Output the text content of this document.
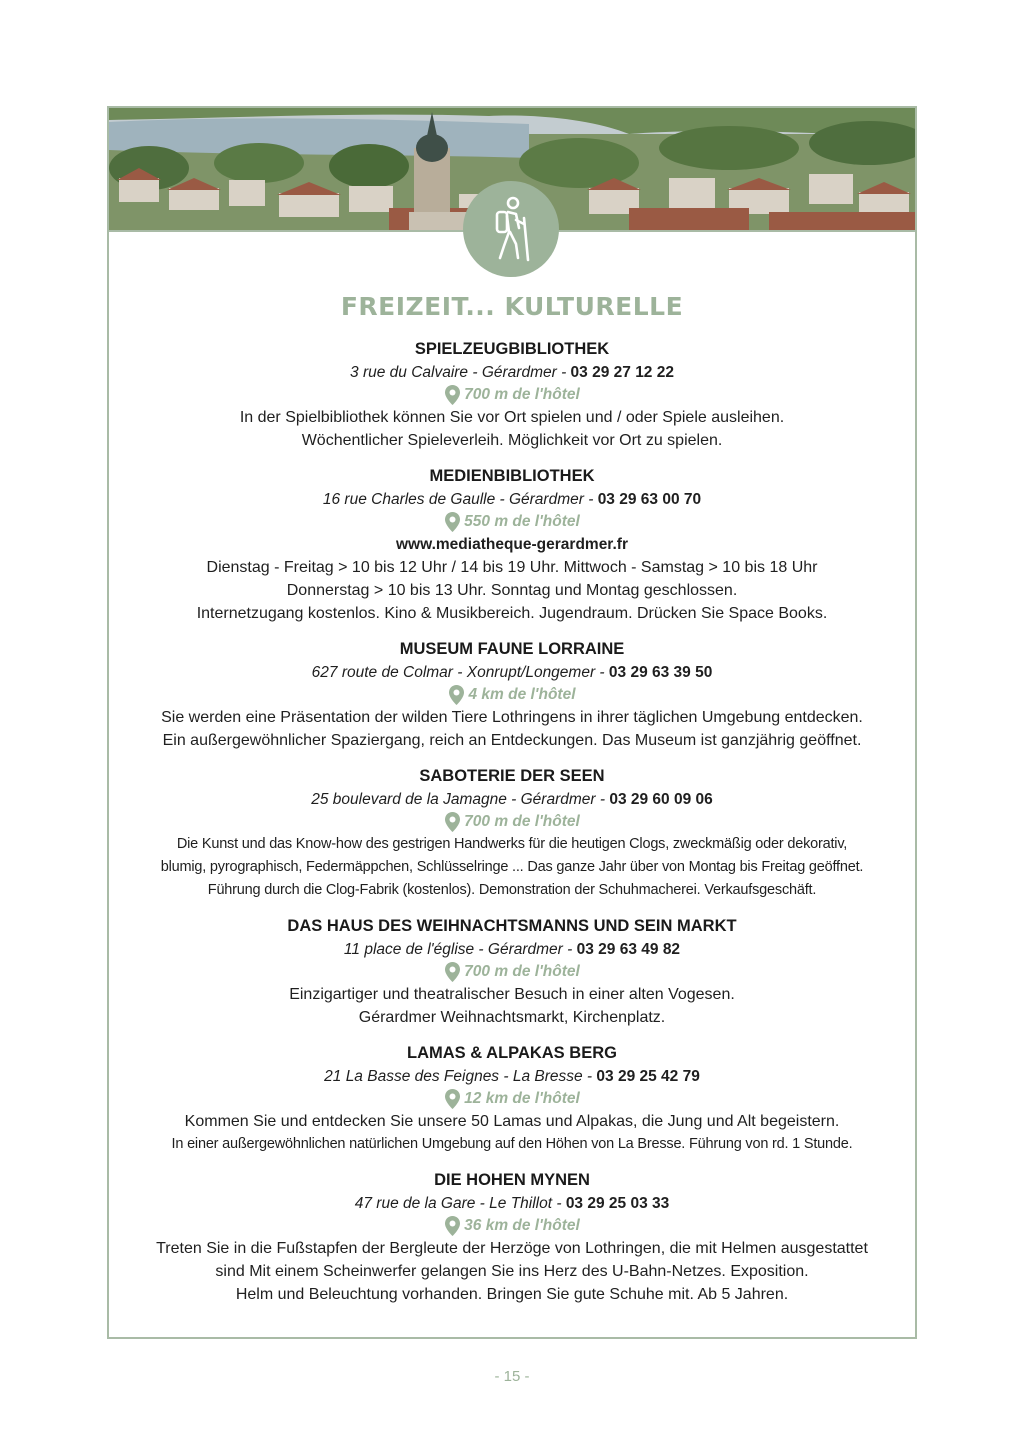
FREIZEIT... KULTURELLE
SPIELZEUGBIBLIOTHEK
3 rue du Calvaire - Gérardmer - 03 29 27 12 22
700 m de l'hôtel
In der Spielbibliothek können Sie vor Ort spielen und / oder Spiele ausleihen.
Wöchentlicher Spieleverleih. Möglichkeit vor Ort zu spielen.
MEDIENBIBLIOTHEK
16 rue Charles de Gaulle - Gérardmer - 03 29 63 00 70
550 m de l'hôtel
www.mediatheque-gerardmer.fr
Dienstag - Freitag > 10 bis 12 Uhr / 14 bis 19 Uhr. Mittwoch - Samstag > 10 bis 18 Uhr
Donnerstag > 10 bis 13 Uhr. Sonntag und Montag geschlossen.
Internetzugang kostenlos. Kino & Musikbereich. Jugendraum. Drücken Sie Space Books.
MUSEUM FAUNE LORRAINE
627 route de Colmar - Xonrupt/Longemer - 03 29 63 39 50
4 km de l'hôtel
Sie werden eine Präsentation der wilden Tiere Lothringens in ihrer täglichen Umgebung entdecken.
Ein außergewöhnlicher Spaziergang, reich an Entdeckungen. Das Museum ist ganzjährig geöffnet.
SABOTERIE DER SEEN
25 boulevard de la Jamagne - Gérardmer - 03 29 60 09 06
700 m de l'hôtel
Die Kunst und das Know-how des gestrigen Handwerks für die heutigen Clogs, zweckmäßig oder dekorativ,
blumig, pyrographisch, Federmäppchen, Schlüsselringe ... Das ganze Jahr über von Montag bis Freitag geöffnet.
Führung durch die Clog-Fabrik (kostenlos). Demonstration der Schuhmacherei. Verkaufsgeschäft.
DAS HAUS DES WEIHNACHTSMANNS UND SEIN MARKT
11 place de l'église - Gérardmer - 03 29 63 49 82
700 m de l'hôtel
Einzigartiger und theatralischer Besuch in einer alten Vogesen.
Gérardmer Weihnachtsmarkt, Kirchenplatz.
LAMAS & ALPAKAS BERG
21 La Basse des Feignes - La Bresse - 03 29 25 42 79
12 km de l'hôtel
Kommen Sie und entdecken Sie unsere 50 Lamas und Alpakas, die Jung und Alt begeistern.
In einer außergewöhnlichen natürlichen Umgebung auf den Höhen von La Bresse. Führung von rd. 1 Stunde.
DIE HOHEN MYNEN
47 rue de la Gare - Le Thillot - 03 29 25 03 33
36 km de l'hôtel
Treten Sie in die Fußstapfen der Bergleute der Herzöge von Lothringen, die mit Helmen ausgestattet
sind Mit einem Scheinwerfer gelangen Sie ins Herz des U-Bahn-Netzes. Exposition.
Helm und Beleuchtung vorhanden. Bringen Sie gute Schuhe mit. Ab 5 Jahren.
- 15 -
